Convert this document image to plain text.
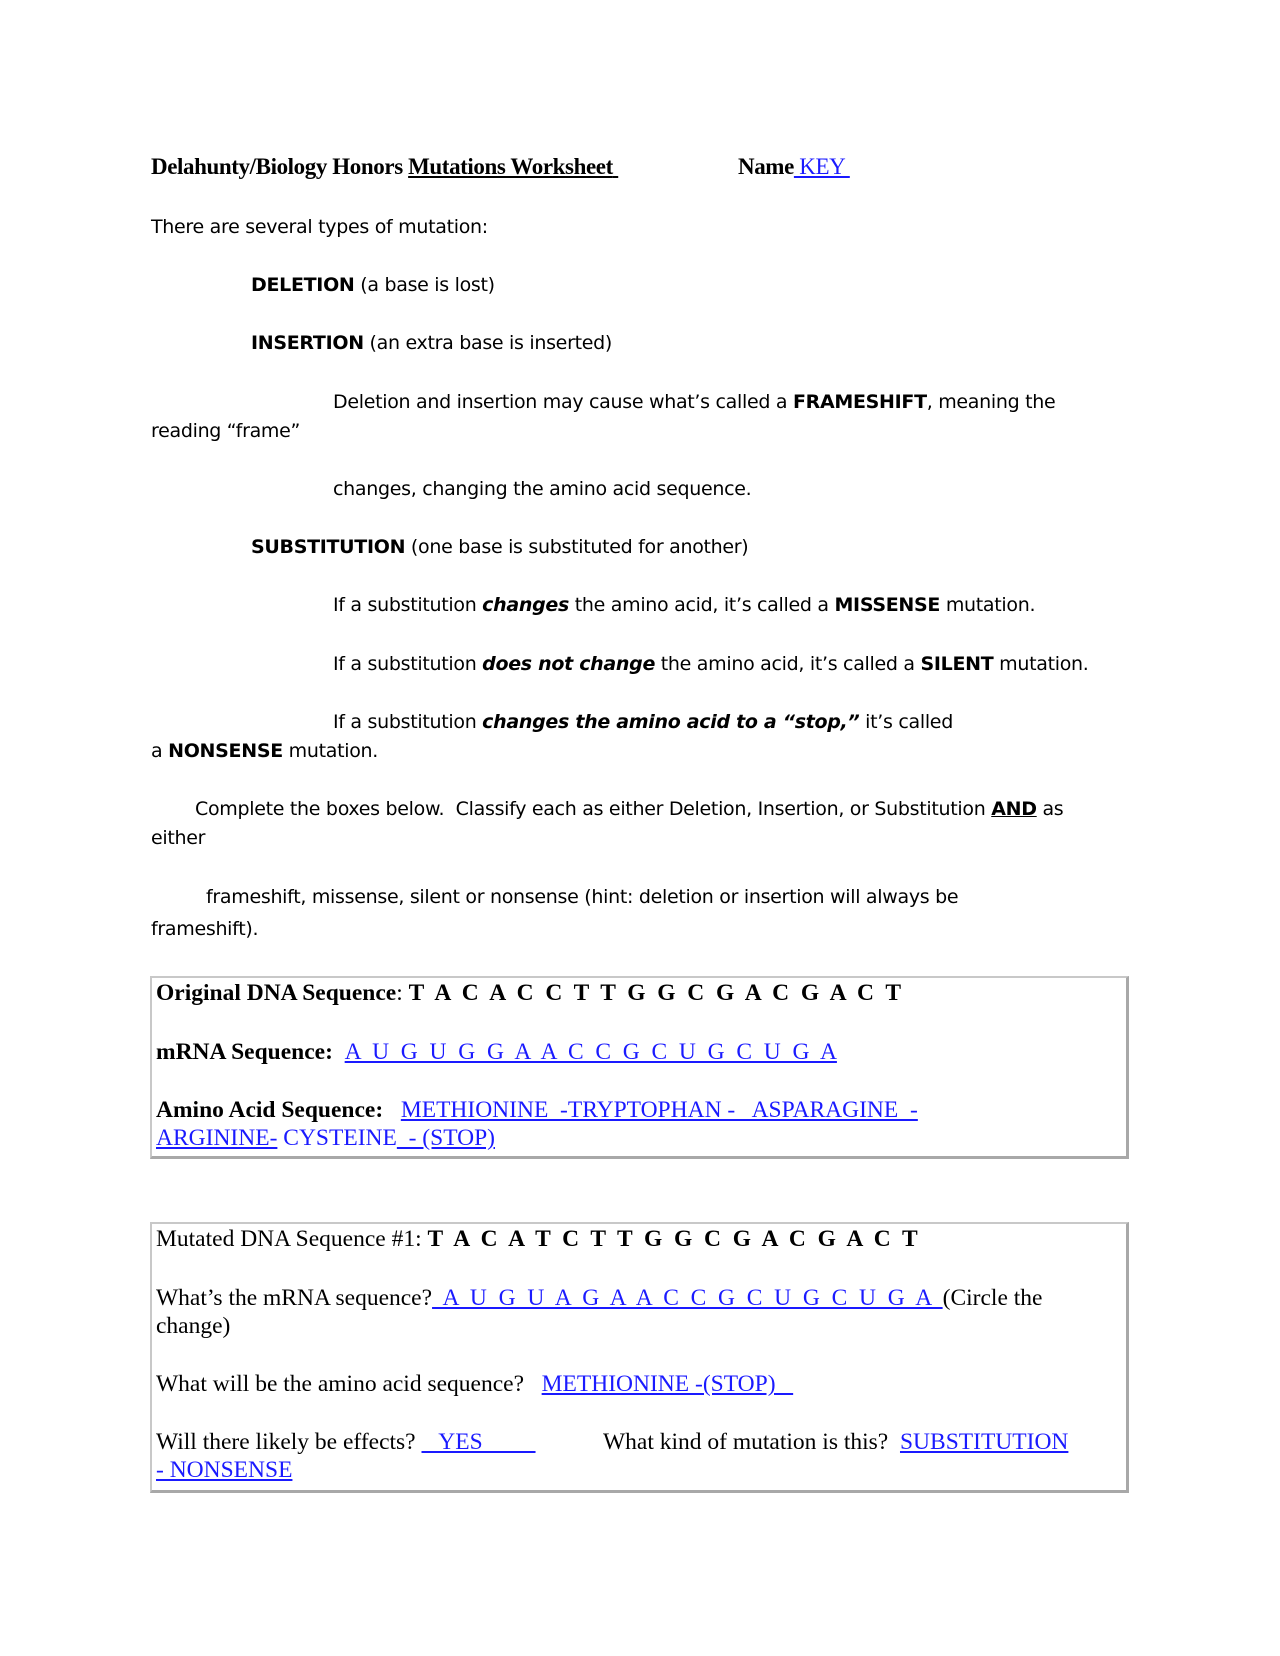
Delahunty/Biology Honors Mutations Worksheet	Name KEY
There are several types of mutation:
DELETION (a base is lost)
INSERTION (an extra base is inserted)
Deletion and insertion may cause what’s called a FRAMESHIFT, meaning the
reading “frame”
changes, changing the amino acid sequence.
SUBSTITUTION (one base is substituted for another)
If a substitution changes the amino acid, it’s called a MISSENSE mutation.
If a substitution does not change the amino acid, it’s called a SILENT mutation.
If a substitution changes the amino acid to a “stop,” it’s called
a NONSENSE mutation.
Complete the boxes below.  Classify each as either Deletion, Insertion, or Substitution AND as
either
frameshift, missense, silent or nonsense (hint: deletion or insertion will always be
frameshift).
Original DNA Sequence: T  A  C  A  C  C  T  T  G  G  C  G  A  C  G  A  C  T
mRNA Sequence: A  U  G  U  G  G  A  A  C  C  G  C  U  G  C  U  G  A
Amino Acid Sequence: METHIONINE  -TRYPTOPHAN -   ASPARAGINE  -
ARGININE- CYSTEINE  - (STOP)
Mutated DNA Sequence #1: T  A  C  A  T  C  T  T  G  G  C  G  A  C  G  A  C  T
What’s the mRNA sequence?  A  U  G  U  A  G  A  A  C  C  G  C  U  G  C  U  G  A  (Circle the
change)
What will be the amino acid sequence? METHIONINE -(STOP)
Will there likely be effects?    YES	What kind of mutation is this? SUBSTITUTION
- NONSENSE
